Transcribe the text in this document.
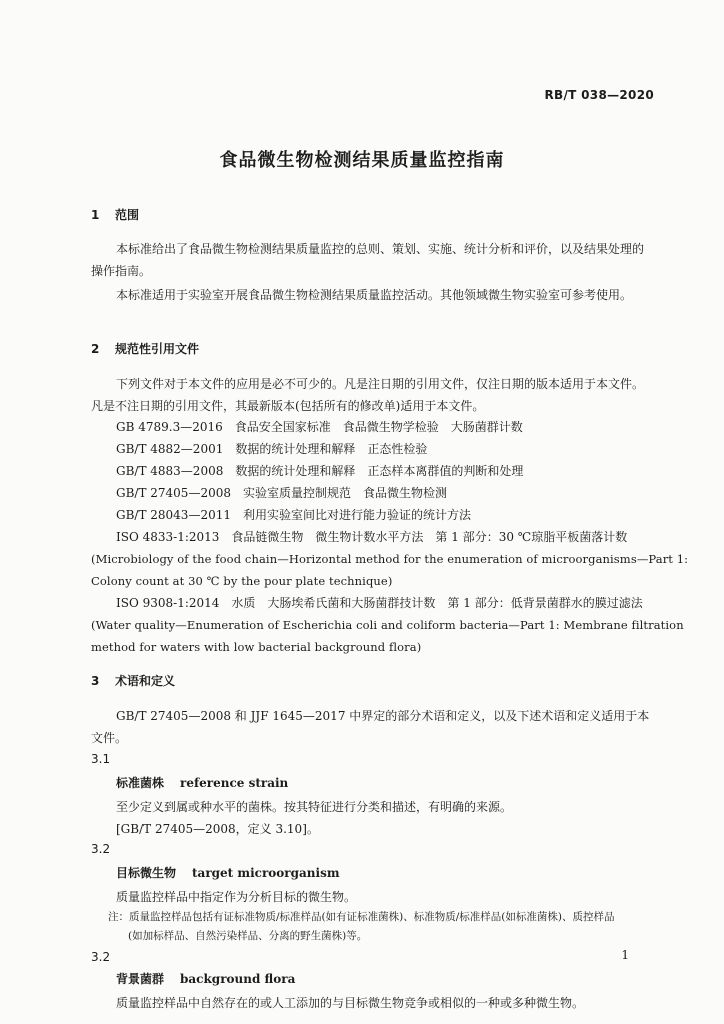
RB/T 038—2020
食品微生物检测结果质量监控指南
1 范围
本标准给出了食品微生物检测结果质量监控的总则、策划、实施、统计分析和评价，以及结果处理的操作指南。
本标准适用于实验室开展食品微生物检测结果质量监控活动。其他领域微生物实验室可参考使用。
2 规范性引用文件
下列文件对于本文件的应用是必不可少的。凡是注日期的引用文件，仅注日期的版本适用于本文件。凡是不注日期的引用文件，其最新版本(包括所有的修改单)适用于本文件。
GB 4789.3—2016　食品安全国家标准　食品微生物学检验　大肠菌群计数
GB/T 4882—2001　数据的统计处理和解释　正态性检验
GB/T 4883—2008　数据的统计处理和解释　正态样本离群值的判断和处理
GB/T 27405—2008　实验室质量控制规范　食品微生物检测
GB/T 28043—2011　利用实验室间比对进行能力验证的统计方法
ISO 4833-1:2013　食品链微生物　微生物计数水平方法　第 1 部分：30 ℃琼脂平板菌落计数
(Microbiology of the food chain—Horizontal method for the enumeration of microorganisms—Part 1:
Colony count at 30 ℃ by the pour plate technique)
ISO 9308-1:2014　水质　大肠埃希氏菌和大肠菌群技计数　第 1 部分：低背景菌群水的膜过滤法
(Water quality—Enumeration of Escherichia coli and coliform bacteria—Part 1: Membrane filtration
method for waters with low bacterial background flora)
3 术语和定义
GB/T 27405—2008 和 JJF 1645—2017 中界定的部分术语和定义，以及下述术语和定义适用于本文件。
3.1
标准菌株 reference strain
至少定义到属或种水平的菌株。按其特征进行分类和描述，有明确的来源。
[GB/T 27405—2008，定义 3.10]。
3.2
目标微生物 target microorganism
质量监控样品中指定作为分析目标的微生物。
注：质量监控样品包括有证标准物质/标准样品(如有证标准菌株)、标准物质/标准样品(如标准菌株)、质控样品
(如加标样品、自然污染样品、分离的野生菌株)等。
3.2
背景菌群 background flora
质量监控样品中自然存在的或人工添加的与目标微生物竞争或相似的一种或多种微生物。
1
